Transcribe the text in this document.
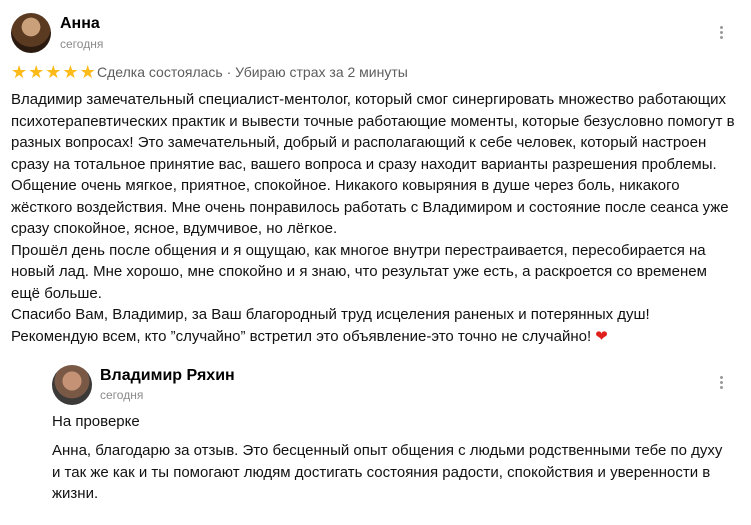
Анна
сегодня
★ ★ ★ ★ ★ Сделка состоялась · Убираю страх за 2 минуты

Владимир замечательный специалист-ментолог, который смог синергировать множество работающих психотерапевтических практик и вывести точные работающие моменты, которые безусловно помогут в разных вопросах! Это замечательный, добрый и располагающий к себе человек, который настроен сразу на тотальное принятие вас, вашего вопроса и сразу находит варианты разрешения проблемы. Общение очень мягкое, приятное, спокойное. Никакого ковыряния в душе через боль, никакого жёсткого воздействия. Мне очень понравилось работать с Владимиром и состояние после сеанса уже сразу спокойное, ясное, вдумчивое, но лёгкое.

Прошёл день после общения и я ощущаю, как многое внутри перестраивается, пересобирается на новый лад. Мне хорошо, мне спокойно и я знаю, что результат уже есть, а раскроется со временем ещё больше.

Спасибо Вам, Владимир, за Ваш благородный труд исцеления раненых и потерянных душ!

Рекомендую всем, кто ”случайно” встретил это объявление-это точно не случайно! ❤

Владимир Ряхин
сегодня
На проверке
Анна, благодарю за отзыв. Это бесценный опыт общения с людьми родственными тебе по духу и так же как и ты помогают людям достигать состояния радости, спокойствия и уверенности в жизни.
